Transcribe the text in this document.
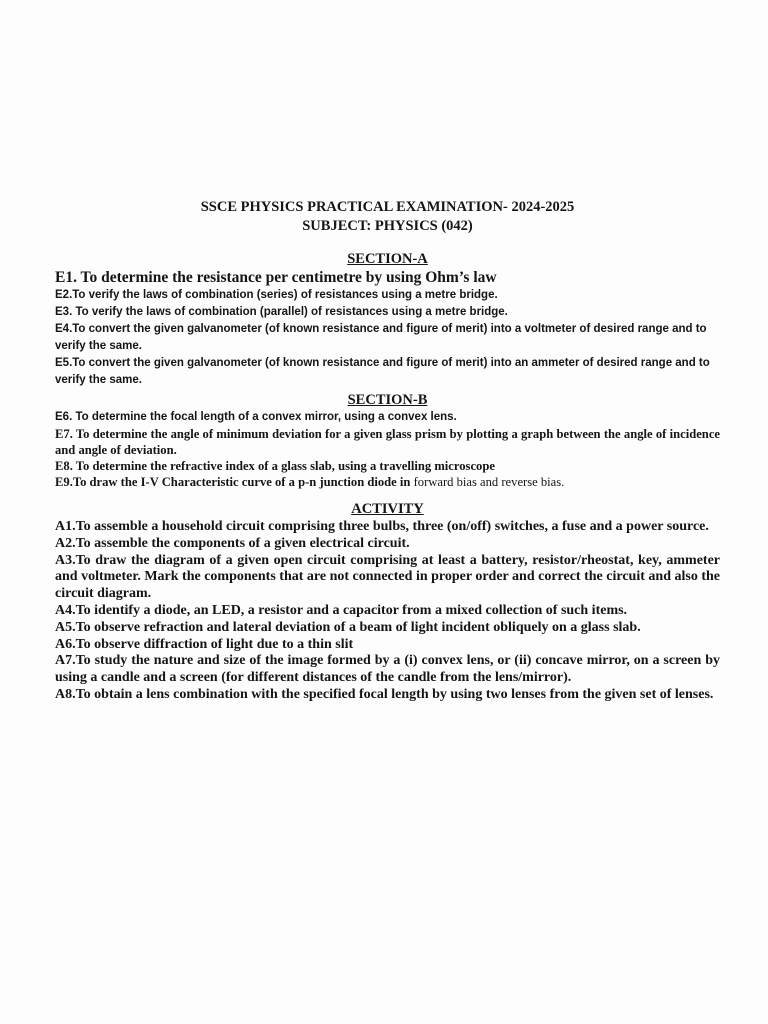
SSCE PHYSICS PRACTICAL EXAMINATION- 2024-2025

SUBJECT: PHYSICS (042)

SECTION-A

E1. To determine the resistance per centimetre by using Ohm’s law

E2.To verify the laws of combination (series) of resistances using a metre bridge.

E3. To verify the laws of combination (parallel) of resistances using a metre bridge.

E4.To convert the given galvanometer (of known resistance and figure of merit) into a voltmeter of desired range and to verify the same.

E5.To convert the given galvanometer (of known resistance and figure of merit) into an ammeter of desired range and to verify the same.

SECTION-B

E6. To determine the focal length of a convex mirror, using a convex lens.

E7. To determine the angle of minimum deviation for a given glass prism by plotting a graph between the angle of incidence and angle of deviation.

E8. To determine the refractive index of a glass slab, using a travelling microscope

E9.To draw the I-V Characteristic curve of a p-n junction diode in forward bias and reverse bias.

ACTIVITY

A1.To assemble a household circuit comprising three bulbs, three (on/off) switches, a fuse and a power source.

A2.To assemble the components of a given electrical circuit.

A3.To draw the diagram of a given open circuit comprising at least a battery, resistor/rheostat, key, ammeter and voltmeter. Mark the components that are not connected in proper order and correct the circuit and also the circuit diagram.

A4.To identify a diode, an LED, a resistor and a capacitor from a mixed collection of such items.

A5.To observe refraction and lateral deviation of a beam of light incident obliquely on a glass slab.

A6.To observe diffraction of light due to a thin slit

A7.To study the nature and size of the image formed by a (i) convex lens, or (ii) concave mirror, on a screen by using a candle and a screen (for different distances of the candle from the lens/mirror).

A8.To obtain a lens combination with the specified focal length by using two lenses from the given set of lenses.
